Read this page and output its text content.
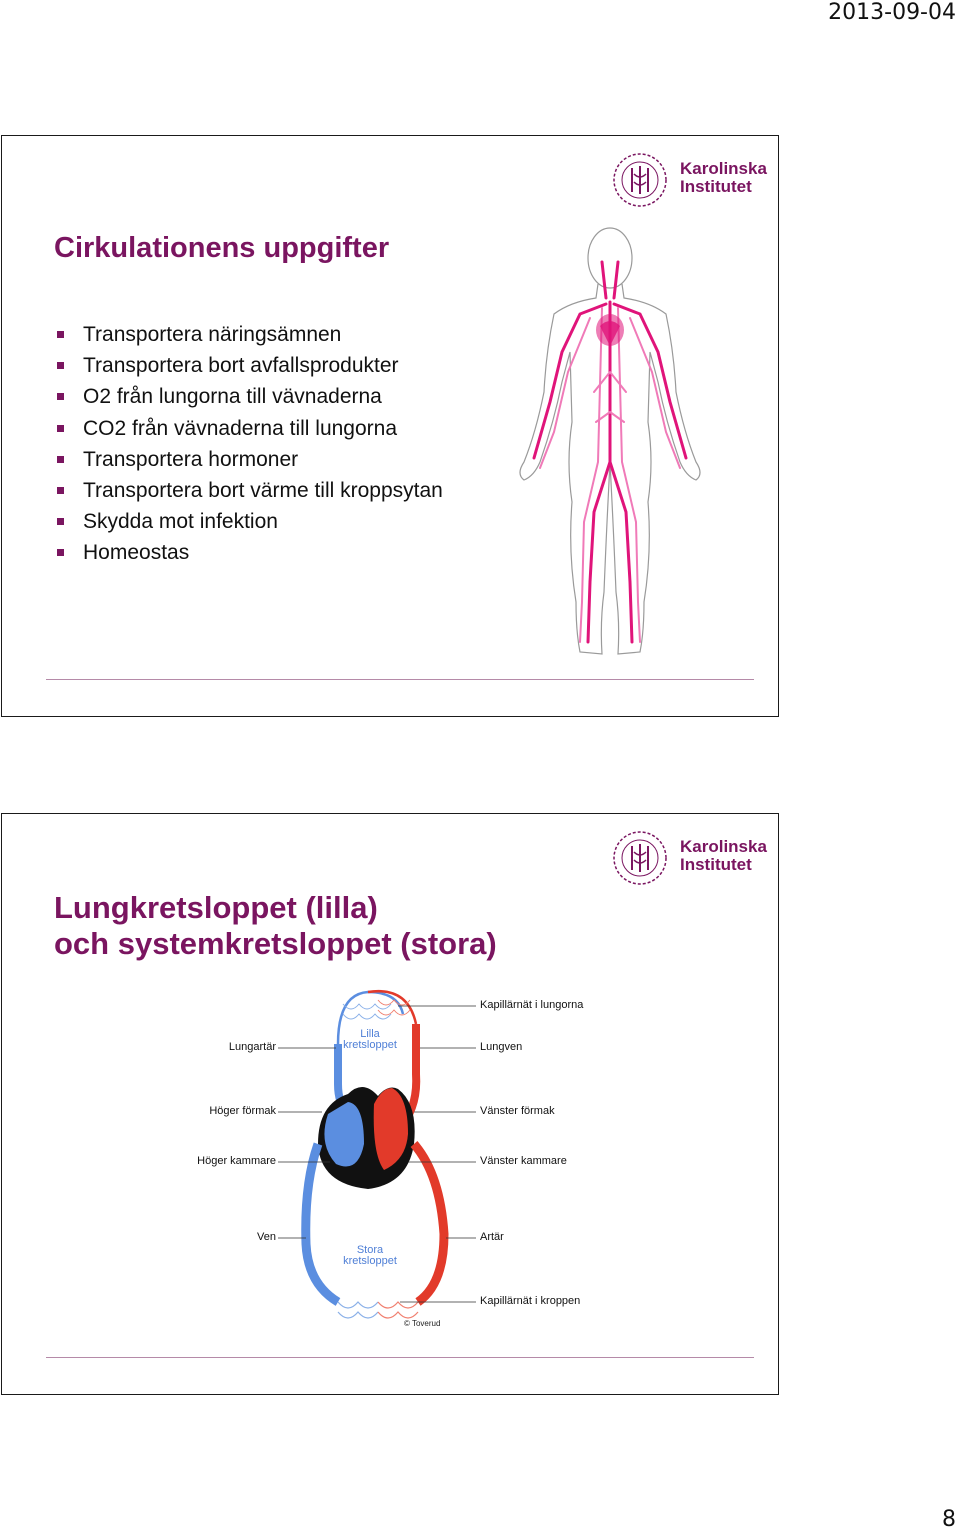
2013-09-04
Karolinska
Institutet
Cirkulationens uppgifter
Transportera näringsämnen
Transportera bort avfallsprodukter
O2 från lungorna till vävnaderna
CO2 från vävnaderna till lungorna
Transportera hormoner
Transportera bort värme till kroppsytan
Skydda mot infektion
Homeostas
Karolinska
Institutet
Lungkretsloppet (lilla)
och systemkretsloppet (stora)
Lungartär
Höger förmak
Höger kammare
Ven
Kapillärnät i lungorna
Lungven
Vänster förmak
Vänster kammare
Artär
Kapillärnät i kroppen
Lilla
kretsloppet
Stora
kretsloppet
© Toverud
8
